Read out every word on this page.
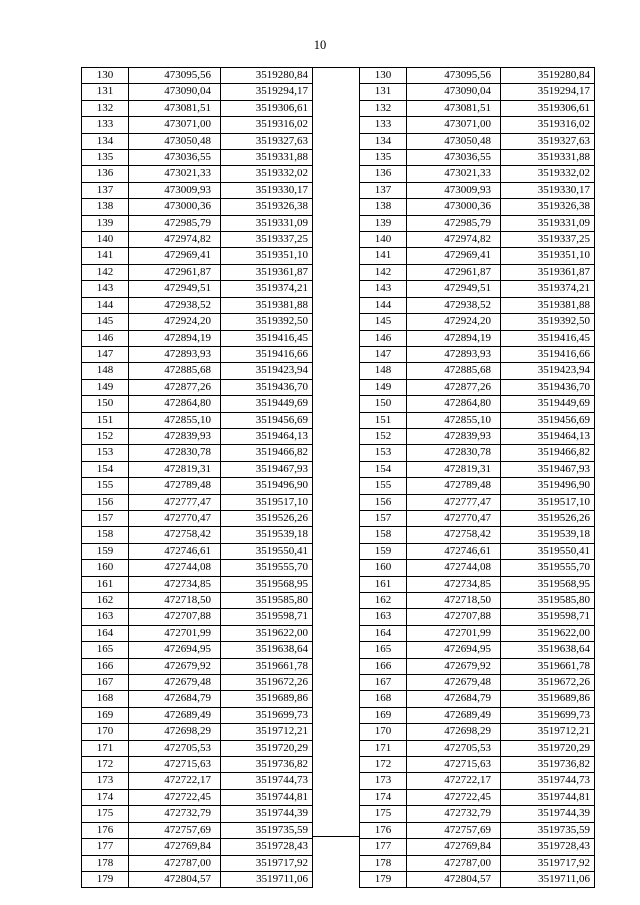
10
130	473095,56	3519280,84
131	473090,04	3519294,17
132	473081,51	3519306,61
133	473071,00	3519316,02
134	473050,48	3519327,63
135	473036,55	3519331,88
136	473021,33	3519332,02
137	473009,93	3519330,17
138	473000,36	3519326,38
139	472985,79	3519331,09
140	472974,82	3519337,25
141	472969,41	3519351,10
142	472961,87	3519361,87
143	472949,51	3519374,21
144	472938,52	3519381,88
145	472924,20	3519392,50
146	472894,19	3519416,45
147	472893,93	3519416,66
148	472885,68	3519423,94
149	472877,26	3519436,70
150	472864,80	3519449,69
151	472855,10	3519456,69
152	472839,93	3519464,13
153	472830,78	3519466,82
154	472819,31	3519467,93
155	472789,48	3519496,90
156	472777,47	3519517,10
157	472770,47	3519526,26
158	472758,42	3519539,18
159	472746,61	3519550,41
160	472744,08	3519555,70
161	472734,85	3519568,95
162	472718,50	3519585,80
163	472707,88	3519598,71
164	472701,99	3519622,00
165	472694,95	3519638,64
166	472679,92	3519661,78
167	472679,48	3519672,26
168	472684,79	3519689,86
169	472689,49	3519699,73
170	472698,29	3519712,21
171	472705,53	3519720,29
172	472715,63	3519736,82
173	472722,17	3519744,73
174	472722,45	3519744,81
175	472732,79	3519744,39
176	472757,69	3519735,59
177	472769,84	3519728,43
178	472787,00	3519717,92
179	472804,57	3519711,06
130	473095,56	3519280,84
131	473090,04	3519294,17
132	473081,51	3519306,61
133	473071,00	3519316,02
134	473050,48	3519327,63
135	473036,55	3519331,88
136	473021,33	3519332,02
137	473009,93	3519330,17
138	473000,36	3519326,38
139	472985,79	3519331,09
140	472974,82	3519337,25
141	472969,41	3519351,10
142	472961,87	3519361,87
143	472949,51	3519374,21
144	472938,52	3519381,88
145	472924,20	3519392,50
146	472894,19	3519416,45
147	472893,93	3519416,66
148	472885,68	3519423,94
149	472877,26	3519436,70
150	472864,80	3519449,69
151	472855,10	3519456,69
152	472839,93	3519464,13
153	472830,78	3519466,82
154	472819,31	3519467,93
155	472789,48	3519496,90
156	472777,47	3519517,10
157	472770,47	3519526,26
158	472758,42	3519539,18
159	472746,61	3519550,41
160	472744,08	3519555,70
161	472734,85	3519568,95
162	472718,50	3519585,80
163	472707,88	3519598,71
164	472701,99	3519622,00
165	472694,95	3519638,64
166	472679,92	3519661,78
167	472679,48	3519672,26
168	472684,79	3519689,86
169	472689,49	3519699,73
170	472698,29	3519712,21
171	472705,53	3519720,29
172	472715,63	3519736,82
173	472722,17	3519744,73
174	472722,45	3519744,81
175	472732,79	3519744,39
176	472757,69	3519735,59
177	472769,84	3519728,43
178	472787,00	3519717,92
179	472804,57	3519711,06
